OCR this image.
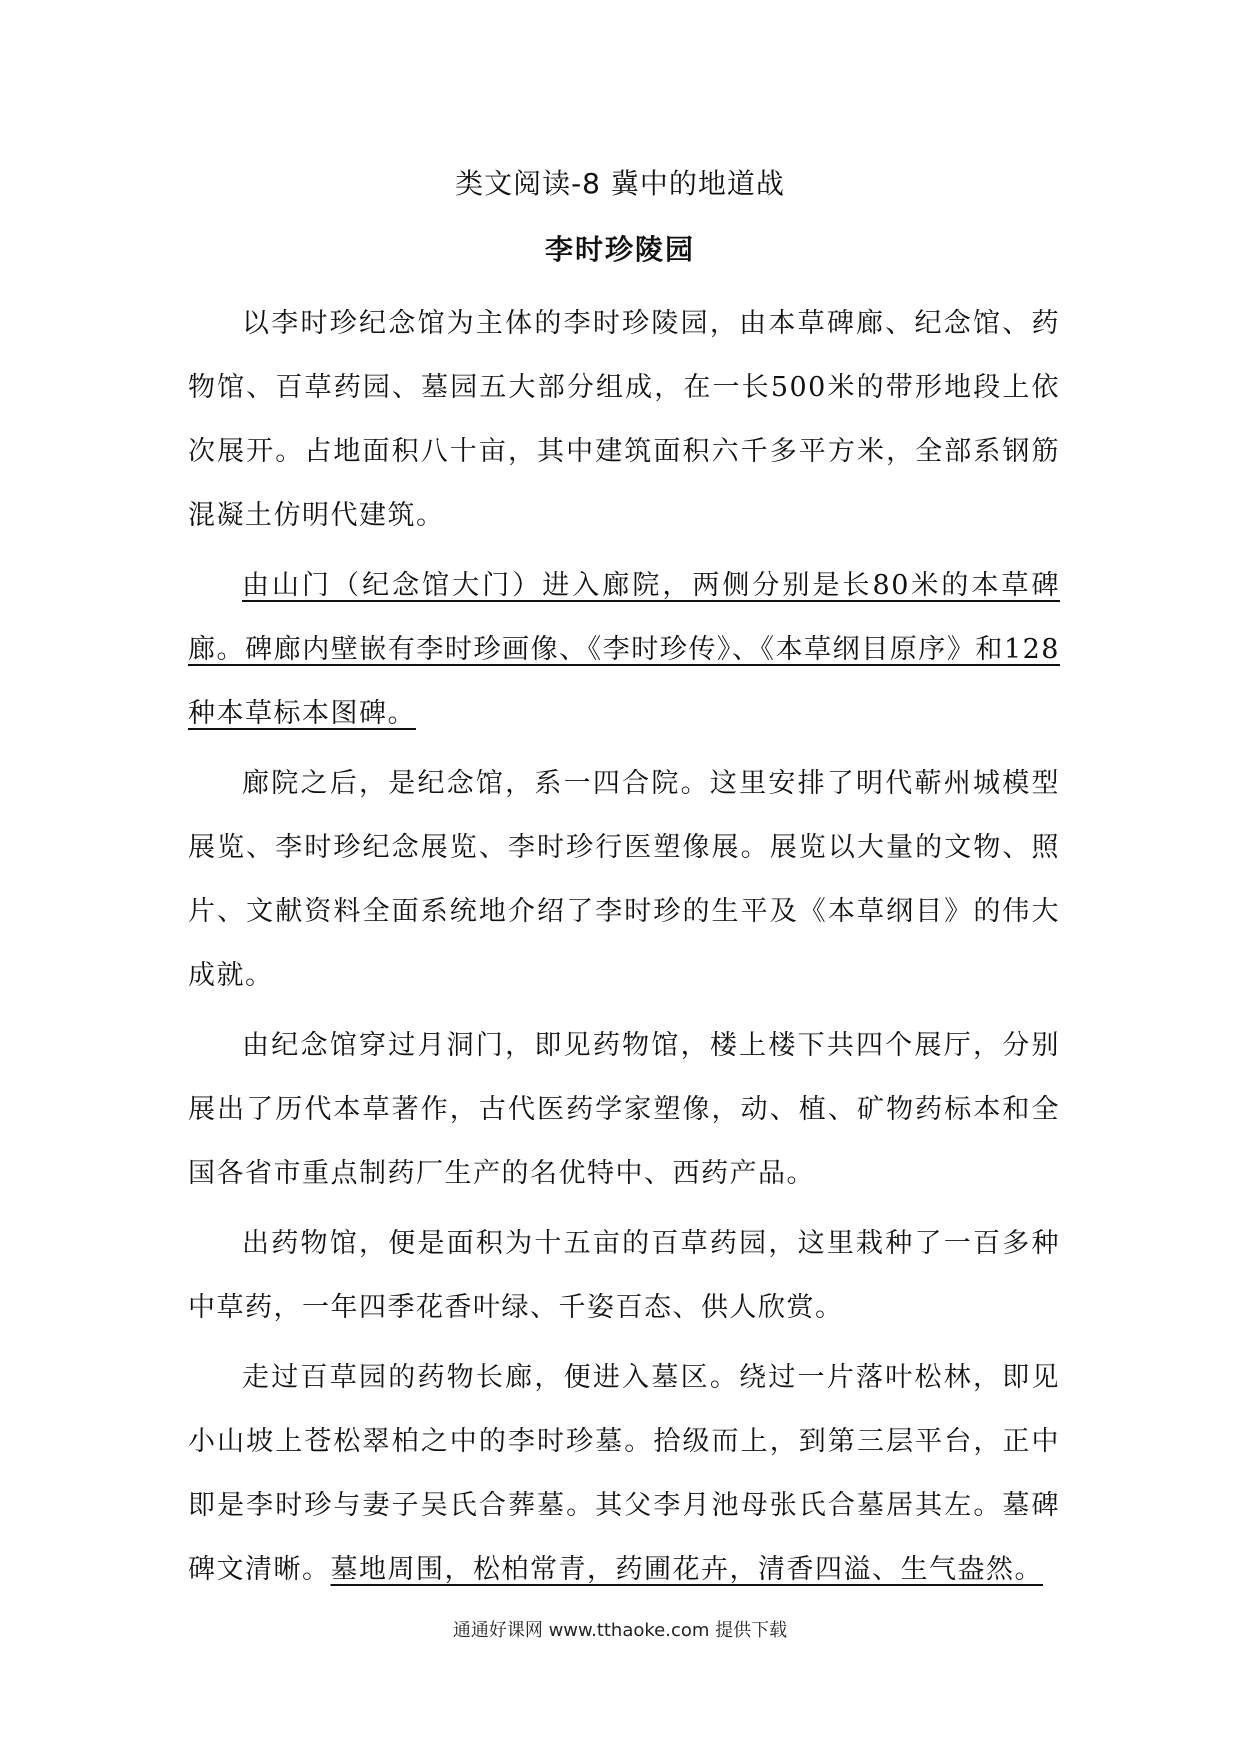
类文阅读-8 冀中的地道战
李时珍陵园

以李时珍纪念馆为主体的李时珍陵园，由本草碑廊、纪念馆、药物馆、百草药园、墓园五大部分组成，在一长500米的带形地段上依次展开。占地面积八十亩，其中建筑面积六千多平方米，全部系钢筋混凝土仿明代建筑。

由山门（纪念馆大门）进入廊院，两侧分别是长80米的本草碑廊。碑廊内壁嵌有李时珍画像、《李时珍传》、《本草纲目原序》和128种本草标本图碑。

廊院之后，是纪念馆，系一四合院。这里安排了明代蕲州城模型展览、李时珍纪念展览、李时珍行医塑像展。展览以大量的文物、照片、文献资料全面系统地介绍了李时珍的生平及《本草纲目》的伟大成就。

由纪念馆穿过月洞门，即见药物馆，楼上楼下共四个展厅，分别展出了历代本草著作，古代医药学家塑像，动、植、矿物药标本和全国各省市重点制药厂生产的名优特中、西药产品。

出药物馆，便是面积为十五亩的百草药园，这里栽种了一百多种中草药，一年四季花香叶绿、千姿百态、供人欣赏。

走过百草园的药物长廊，便进入墓区。绕过一片落叶松林，即见小山坡上苍松翠柏之中的李时珍墓。拾级而上，到第三层平台，正中即是李时珍与妻子吴氏合葬墓。其父李月池母张氏合墓居其左。墓碑碑文清晰。墓地周围，松柏常青，药圃花卉，清香四溢、生气盎然。

通通好课网 www.tthaoke.com 提供下载
